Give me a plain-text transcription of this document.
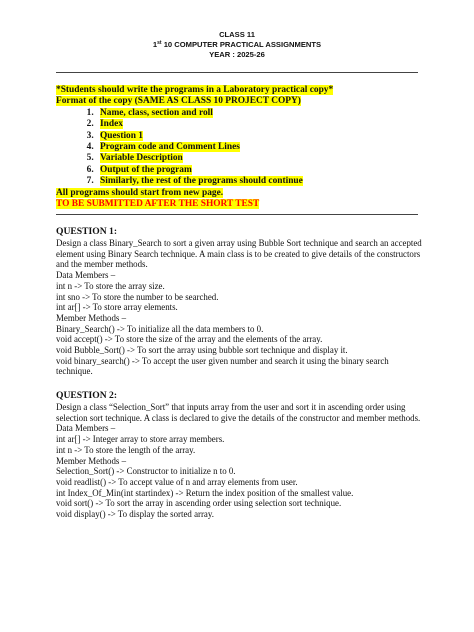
CLASS 11
1st 10 COMPUTER PRACTICAL ASSIGNMENTS
YEAR : 2025-26
*Students should write the programs in a Laboratory practical copy*
Format of the copy (SAME AS CLASS 10 PROJECT COPY)
1. Name, class, section and roll
2. Index
3. Question 1
4. Program code and Comment Lines
5. Variable Description
6. Output of the program
7. Similarly, the rest of the programs should continue
All programs should start from new page.
TO BE SUBMITTED AFTER THE SHORT TEST
QUESTION 1:

Design a class Binary_Search to sort a given array using Bubble Sort technique and search an accepted element using Binary Search technique. A main class is to be created to give details of the constructors and the member methods.

Data Members –
int n -> To store the array size.
int sno -> To store the number to be searched.
int ar[] -> To store array elements.
Member Methods –
Binary_Search() -> To initialize all the data members to 0.
void accept() -> To store the size of the array and the elements of the array.
void Bubble_Sort() -> To sort the array using bubble sort technique and display it.
void binary_search() -> To accept the user given number and search it using the binary search technique.
QUESTION 2:

Design a class “Selection_Sort” that inputs array from the user and sort it in ascending order using selection sort technique. A class is declared to give the details of the constructor and member methods.

Data Members –
int ar[] -> Integer array to store array members.
int n -> To store the length of the array.
Member Methods –
Selection_Sort() -> Constructor to initialize n to 0.
void readlist() -> To accept value of n and array elements from user.
int Index_Of_Min(int startindex) -> Return the index position of the smallest value.
void sort() -> To sort the array in ascending order using selection sort technique.
void display() -> To display the sorted array.
